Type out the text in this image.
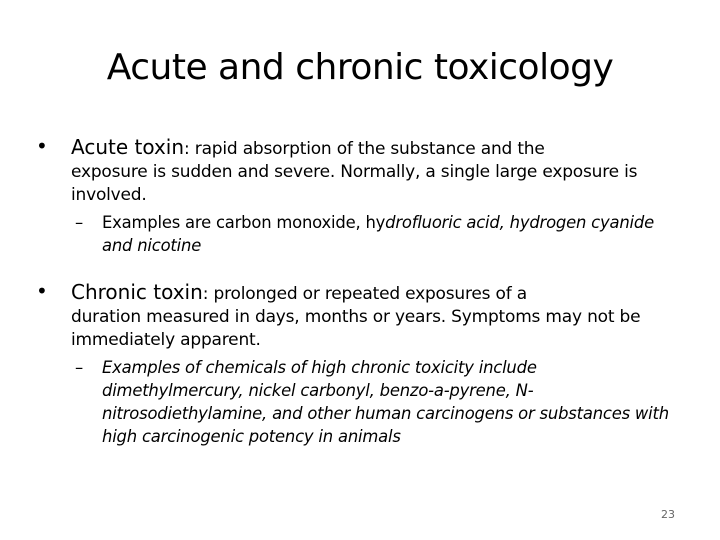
Acute and chronic toxicology
• Acute toxin: rapid absorption of the substance and the
exposure is sudden and severe. Normally, a single large exposure is involved.
– Examples are carbon monoxide, hydrofluoric acid, hydrogen cyanide and nicotine
• Chronic toxin: prolonged or repeated exposures of a
duration measured in days, months or years. Symptoms may not be immediately apparent.
– Examples of chemicals of high chronic toxicity include dimethylmercury, nickel carbonyl, benzo-a-pyrene, N-nitrosodiethylamine, and other human carcinogens or substances with high carcinogenic potency in animals
23
